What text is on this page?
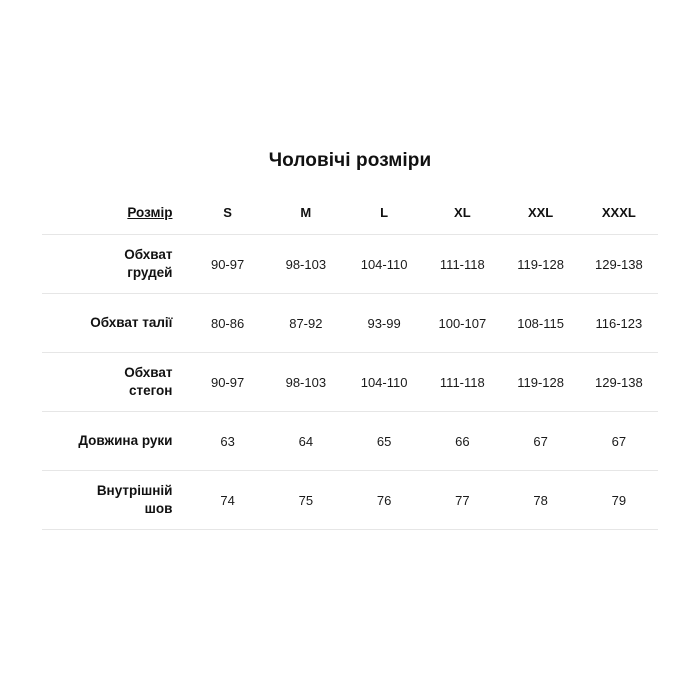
Чоловічі розміри
Розмір	S	M	L	XL	XXL	XXXL

Обхват
грудей	90-97	98-103	104-110	111-118	119-128	129-138

Обхват талії	80-86	87-92	93-99	100-107	108-115	116-123

Обхват
стегон	90-97	98-103	104-110	111-118	119-128	129-138

Довжина руки	63	64	65	66	67	67

Внутрішній
шов	74	75	76	77	78	79
